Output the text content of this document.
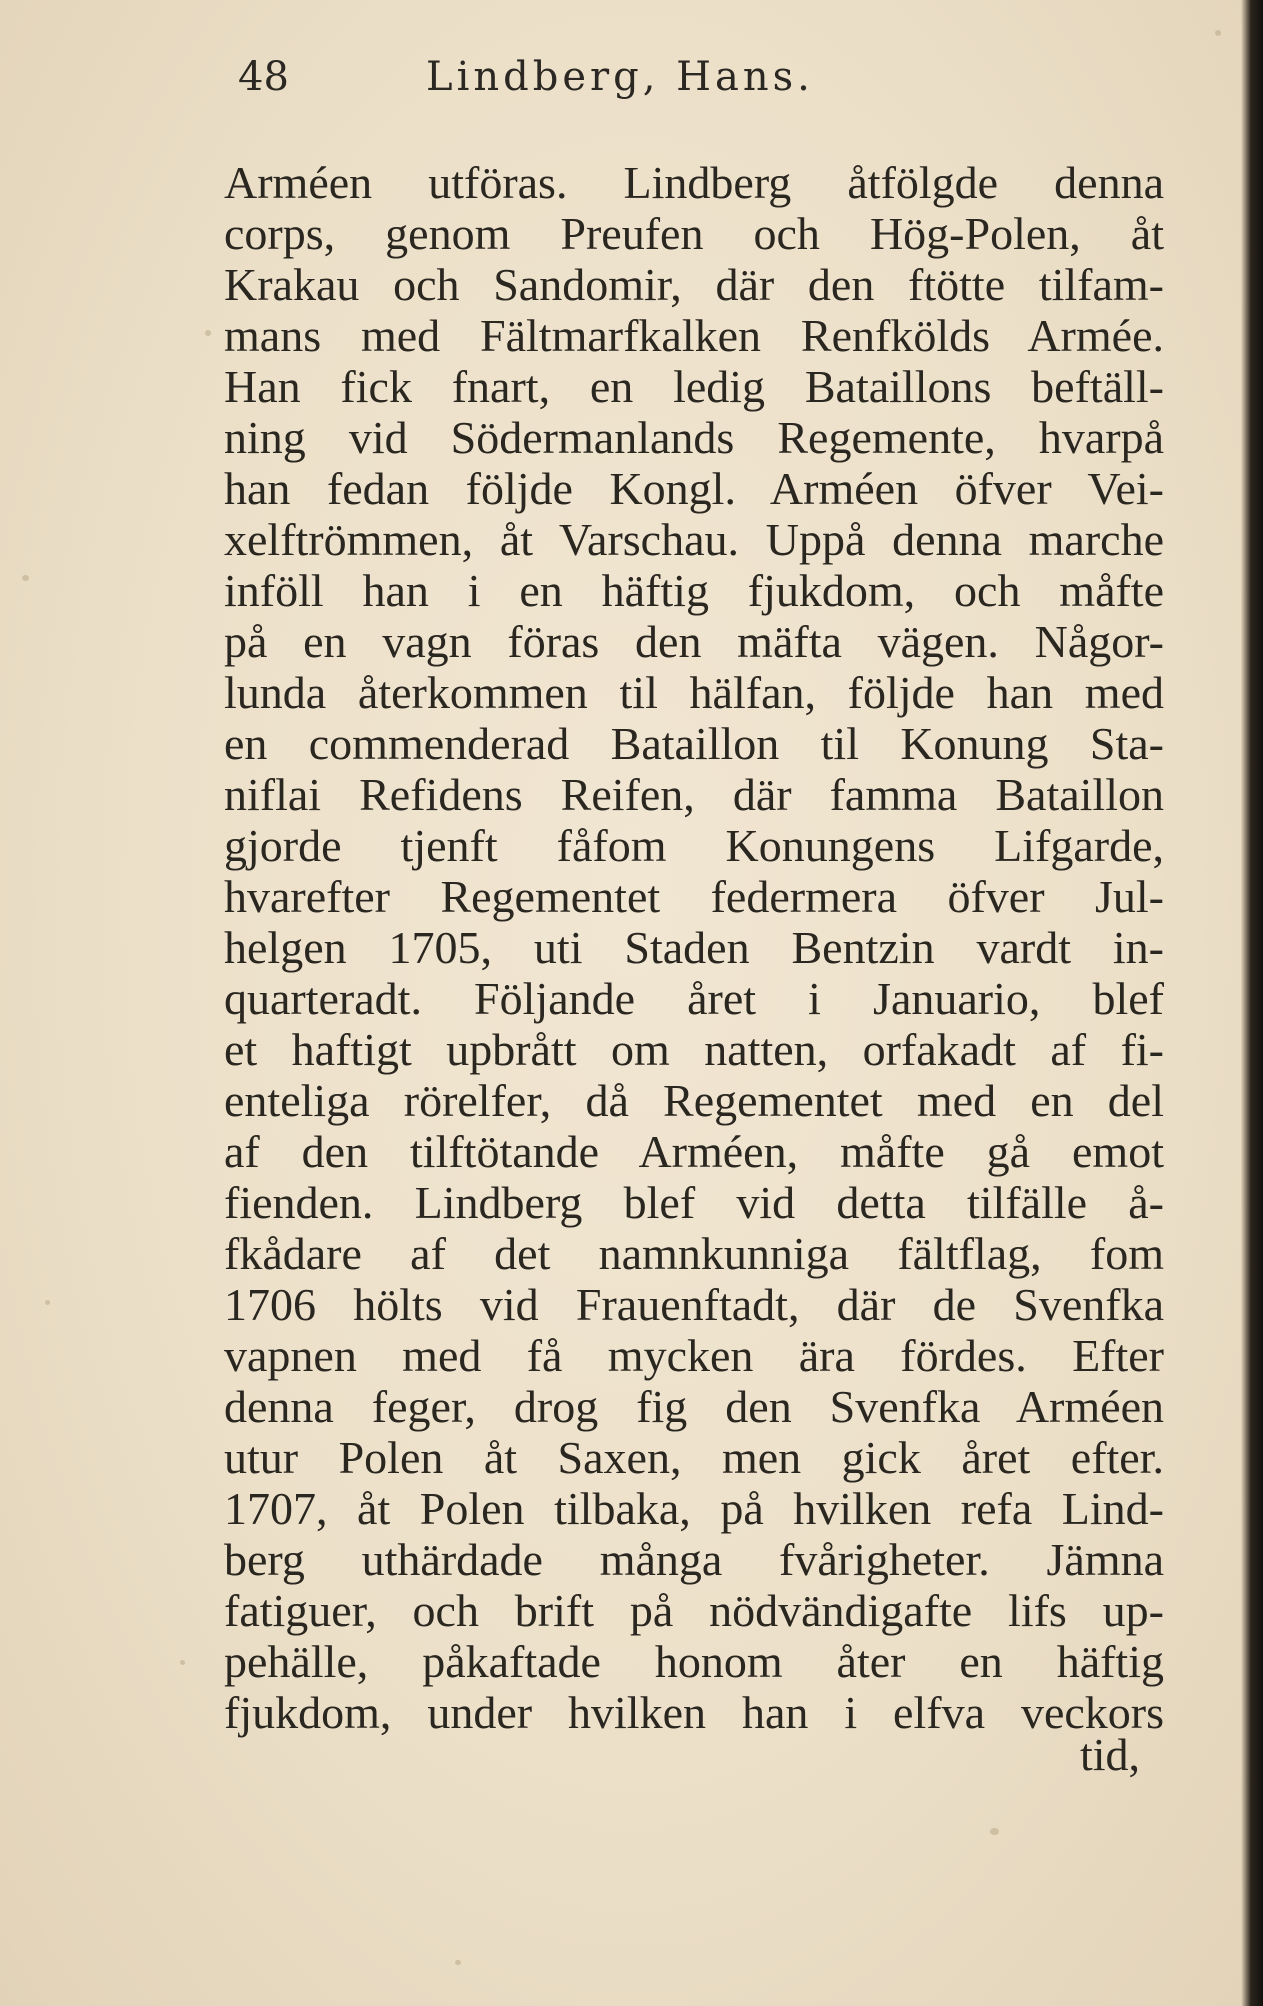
48	Lindberg, Hans.
Arméen utföras. Lindberg åtfölgde denna
corps, genom Preufen och Hög-Polen, åt
Krakau och Sandomir, där den ftötte tilfam-
mans med Fältmarfkalken Renfkölds Armée.
Han fick fnart, en ledig Bataillons beftäll-
ning vid Södermanlands Regemente, hvarpå
han fedan följde Kongl. Arméen öfver Vei-
xelftrömmen, åt Varschau. Uppå denna marche
inföll han i en häftig fjukdom, och måfte
på en vagn föras den mäfta vägen. Någor-
lunda återkommen til hälfan, följde han med
en commenderad Bataillon til Konung Sta-
niflai Refidens Reifen, där famma Bataillon
gjorde tjenft fåfom Konungens Lifgarde,
hvarefter Regementet federmera öfver Jul-
helgen 1705, uti Staden Bentzin vardt in-
quarteradt. Följande året i Januario, blef
et haftigt upbrått om natten, orfakadt af fi-
enteliga rörelfer, då Regementet med en del
af den tilftötande Arméen, måfte gå emot
fienden. Lindberg blef vid detta tilfälle å-
fkådare af det namnkunniga fältflag, fom
1706 hölts vid Frauenftadt, där de Svenfka
vapnen med få mycken ära fördes. Efter
denna feger, drog fig den Svenfka Arméen
utur Polen åt Saxen, men gick året efter.
1707, åt Polen tilbaka, på hvilken refa Lind-
berg uthärdade många fvårigheter. Jämna
fatiguer, och brift på nödvändigafte lifs up-
pehälle, påkaftade honom åter en häftig
fjukdom, under hvilken han i elfva veckors
tid,
